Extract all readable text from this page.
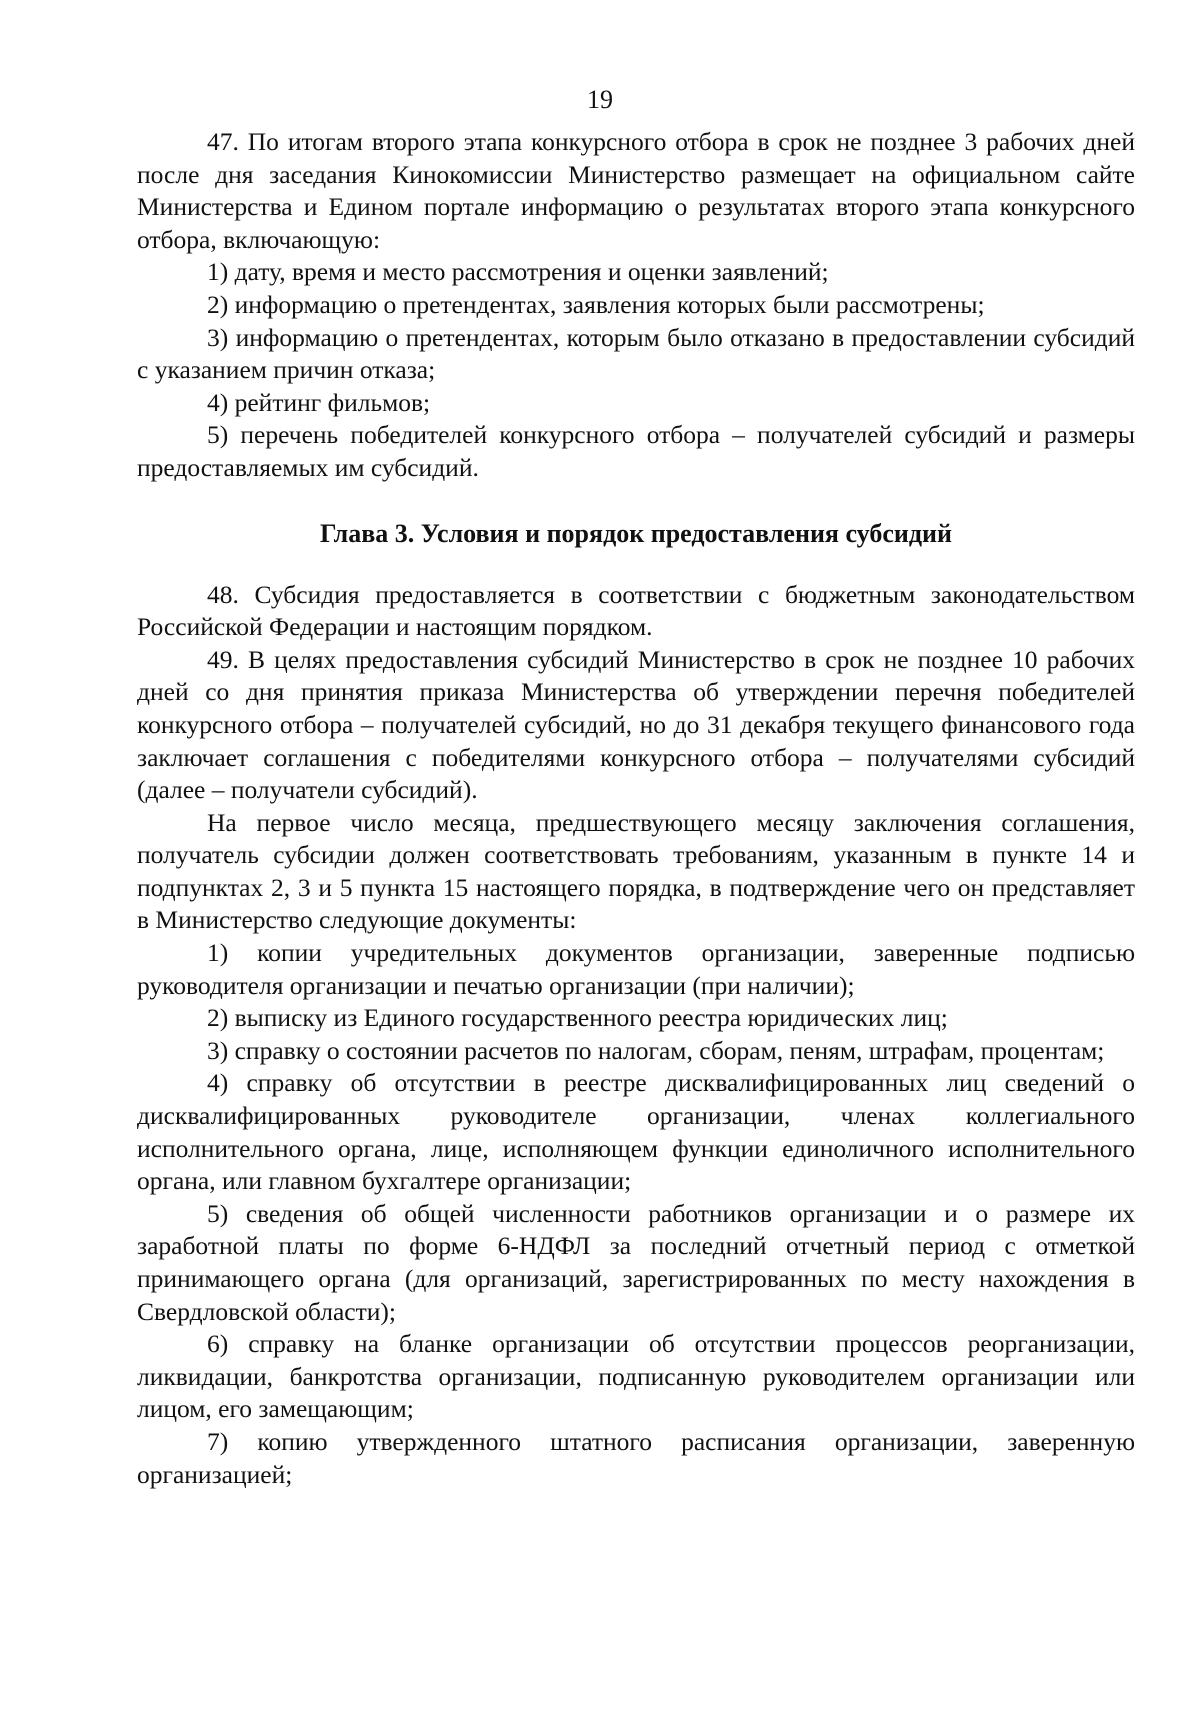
19

47. По итогам второго этапа конкурсного отбора в срок не позднее 3 рабочих дней после дня заседания Кинокомиссии Министерство размещает на официальном сайте Министерства и Едином портале информацию о результатах второго этапа конкурсного отбора, включающую:

1) дату, время и место рассмотрения и оценки заявлений;

2) информацию о претендентах, заявления которых были рассмотрены;

3) информацию о претендентах, которым было отказано в предоставлении субсидий с указанием причин отказа;

4) рейтинг фильмов;

5) перечень победителей конкурсного отбора – получателей субсидий и размеры предоставляемых им субсидий.

Глава 3. Условия и порядок предоставления субсидий

48. Субсидия предоставляется в соответствии с бюджетным законодательством Российской Федерации и настоящим порядком.

49. В целях предоставления субсидий Министерство в срок не позднее 10 рабочих дней со дня принятия приказа Министерства об утверждении перечня победителей конкурсного отбора – получателей субсидий, но до 31 декабря текущего финансового года заключает соглашения с победителями конкурсного отбора – получателями субсидий (далее – получатели субсидий).

На первое число месяца, предшествующего месяцу заключения соглашения, получатель субсидии должен соответствовать требованиям, указанным в пункте 14 и подпунктах 2, 3 и 5 пункта 15 настоящего порядка, в подтверждение чего он представляет в Министерство следующие документы:

1) копии учредительных документов организации, заверенные подписью руководителя организации и печатью организации (при наличии);

2) выписку из Единого государственного реестра юридических лиц;

3) справку о состоянии расчетов по налогам, сборам, пеням, штрафам, процентам;

4) справку об отсутствии в реестре дисквалифицированных лиц сведений о дисквалифицированных руководителе организации, членах коллегиального исполнительного органа, лице, исполняющем функции единоличного исполнительного органа, или главном бухгалтере организации;

5) сведения об общей численности работников организации и о размере их заработной платы по форме 6-НДФЛ за последний отчетный период с отметкой принимающего органа (для организаций, зарегистрированных по месту нахождения в Свердловской области);

6) справку на бланке организации об отсутствии процессов реорганизации, ликвидации, банкротства организации, подписанную руководителем организации или лицом, его замещающим;

7) копию утвержденного штатного расписания организации, заверенную организацией;
